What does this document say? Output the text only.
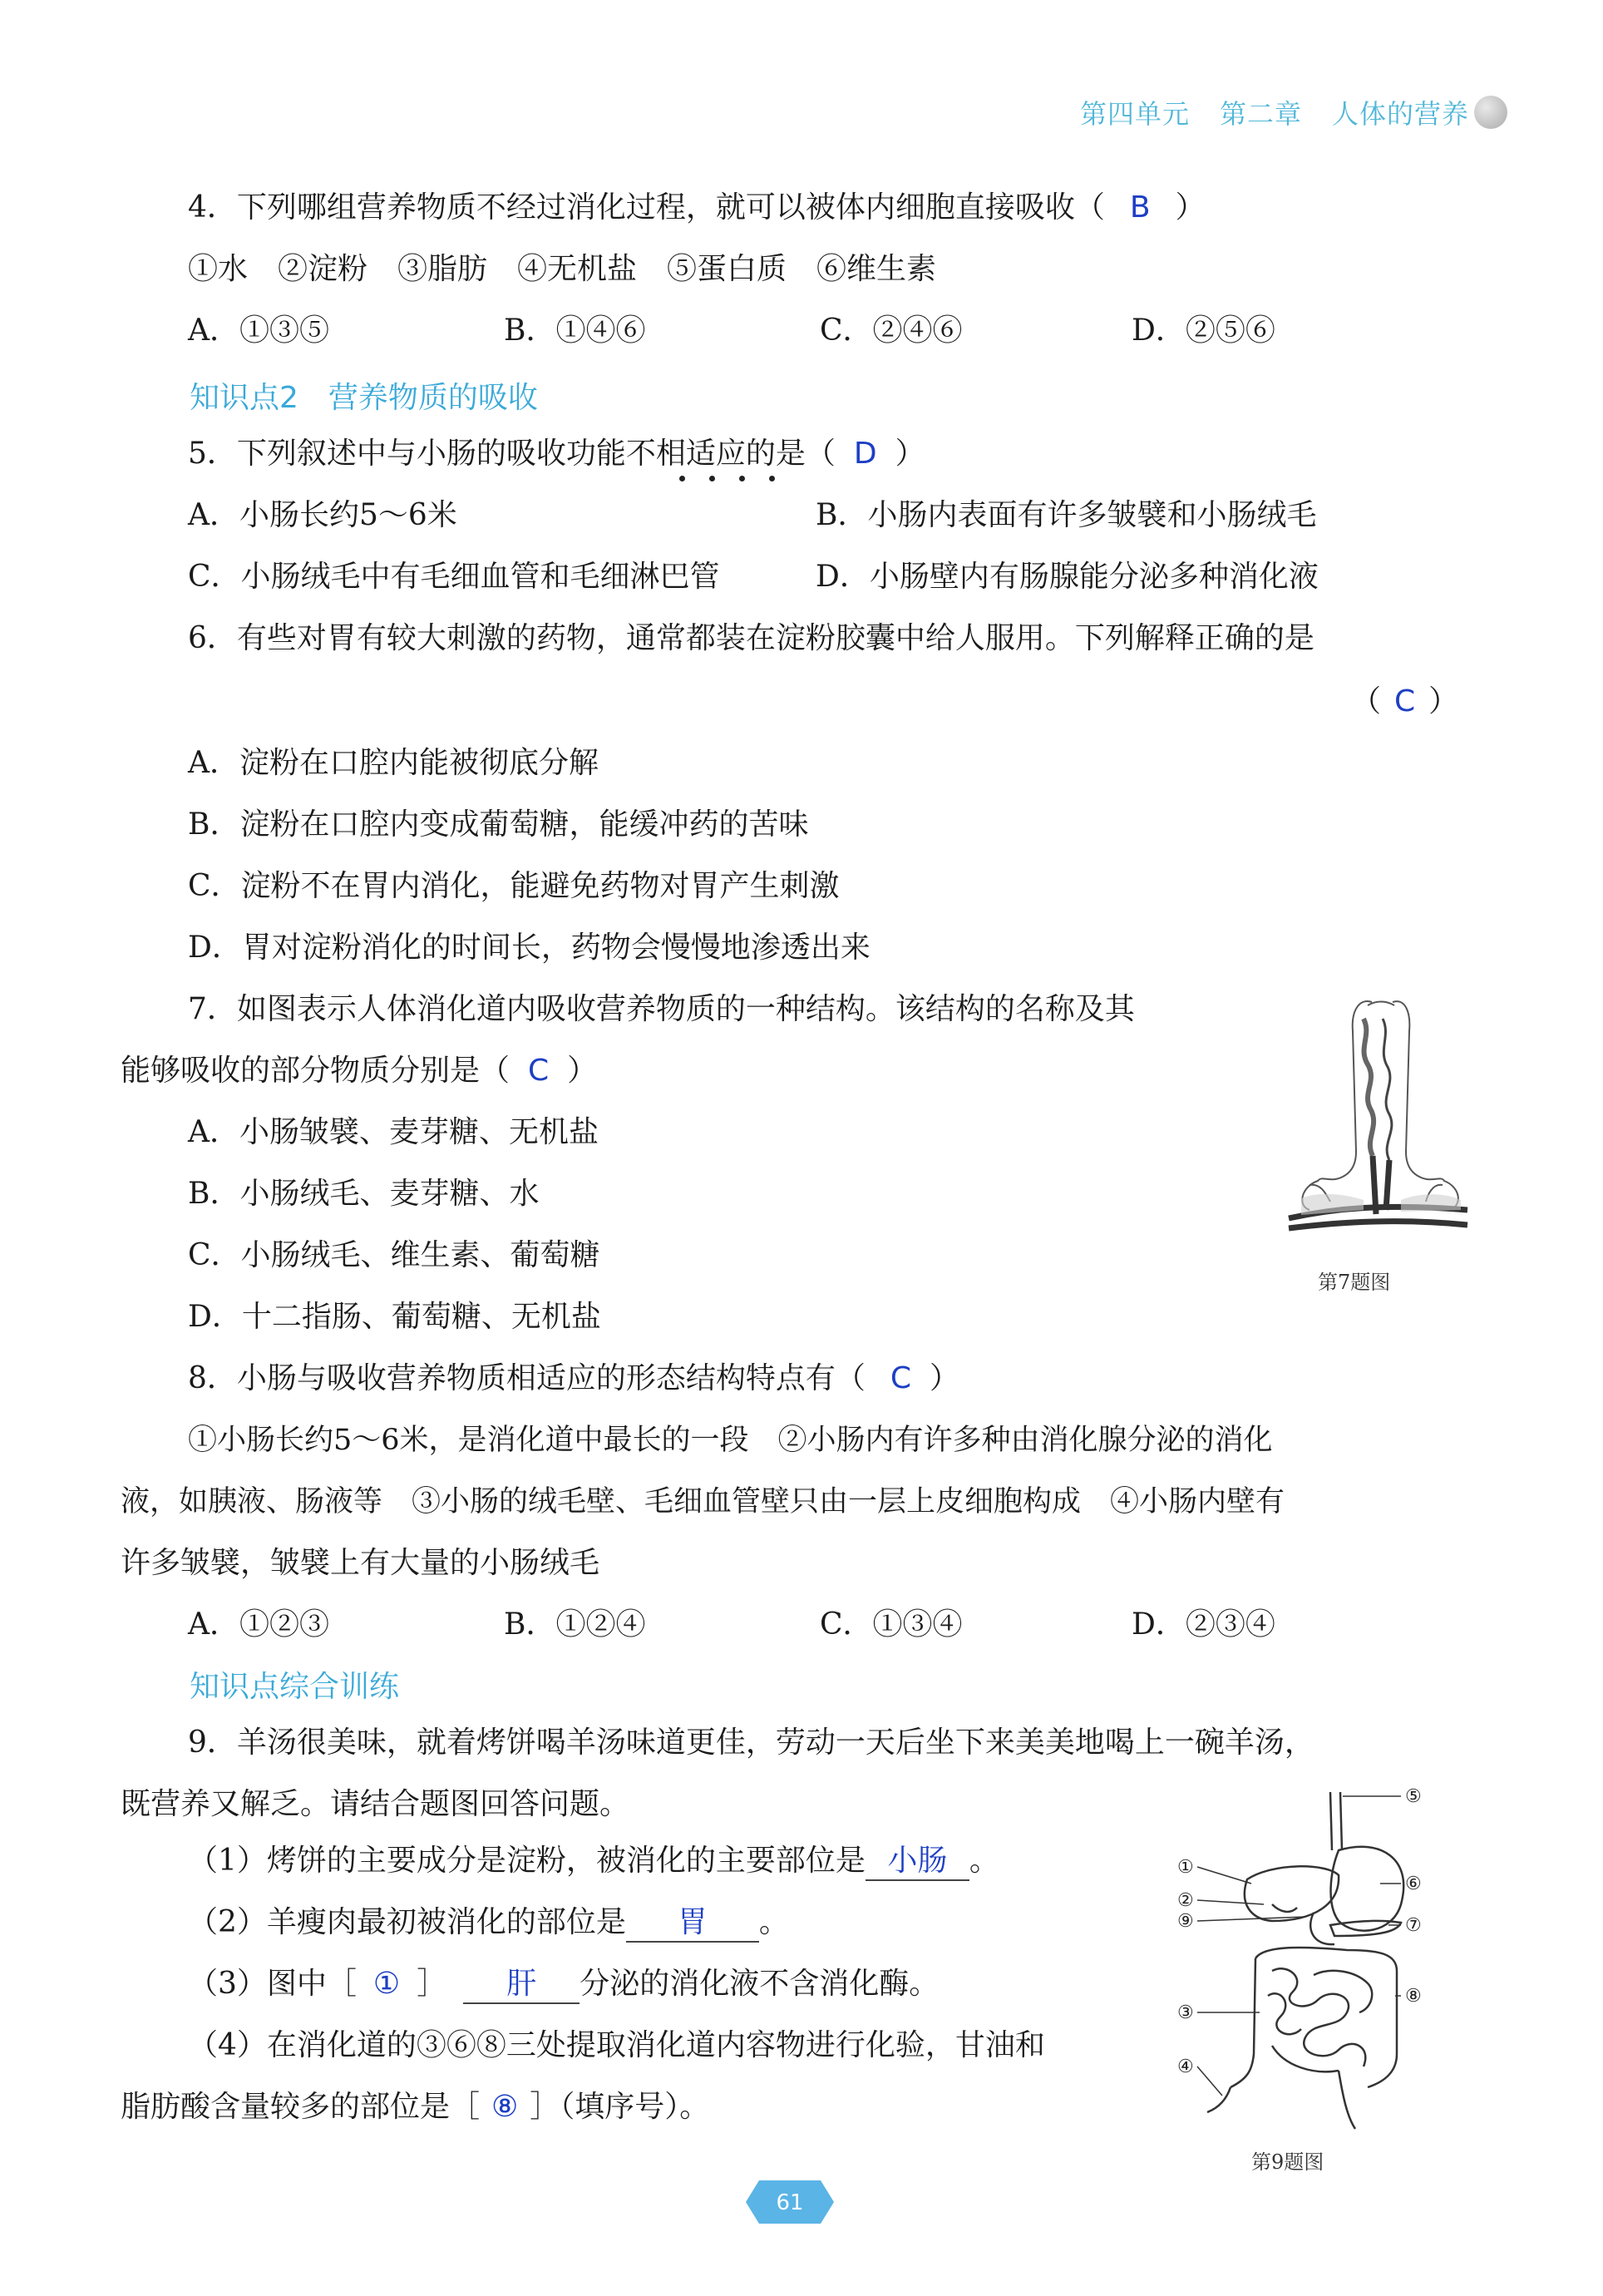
第四单元 第二章 人体的营养
4．下列哪组营养物质不经过消化过程，就可以被体内细胞直接吸收（ B ）
①水　②淀粉　③脂肪　④无机盐　⑤蛋白质　⑥维生素
A．①③⑤	B．①④⑥	C．②④⑥	D．②⑤⑥
知识点2　营养物质的吸收
5．下列叙述中与小肠的吸收功能不相适应的是（ D ）
A．小肠长约5～6米	B．小肠内表面有许多皱襞和小肠绒毛
C．小肠绒毛中有毛细血管和毛细淋巴管	D．小肠壁内有肠腺能分泌多种消化液
6．有些对胃有较大刺激的药物，通常都装在淀粉胶囊中给人服用。下列解释正确的是
（ C ）
A．淀粉在口腔内能被彻底分解
B．淀粉在口腔内变成葡萄糖，能缓冲药的苦味
C．淀粉不在胃内消化，能避免药物对胃产生刺激
D．胃对淀粉消化的时间长，药物会慢慢地渗透出来
7．如图表示人体消化道内吸收营养物质的一种结构。该结构的名称及其
能够吸收的部分物质分别是（ C ）
A．小肠皱襞、麦芽糖、无机盐
B．小肠绒毛、麦芽糖、水
C．小肠绒毛、维生素、葡萄糖
D．十二指肠、葡萄糖、无机盐
第7题图
8．小肠与吸收营养物质相适应的形态结构特点有（ C ）
①小肠长约5～6米，是消化道中最长的一段　②小肠内有许多种由消化腺分泌的消化
液，如胰液、肠液等　③小肠的绒毛壁、毛细血管壁只由一层上皮细胞构成　④小肠内壁有
许多皱襞，皱襞上有大量的小肠绒毛
A．①②③	B．①②④	C．①③④	D．②③④
知识点综合训练
9．羊汤很美味，就着烤饼喝羊汤味道更佳，劳动一天后坐下来美美地喝上一碗羊汤，
既营养又解乏。请结合题图回答问题。
（1）烤饼的主要成分是淀粉，被消化的主要部位是 小肠 。
（2）羊瘦肉最初被消化的部位是 胃 。
（3）图中［ ① ］ 肝 分泌的消化液不含消化酶。
（4）在消化道的③⑥⑧三处提取消化道内容物进行化验，甘油和
脂肪酸含量较多的部位是［ ⑧ ］（填序号）。
①
②
⑨
③
④
⑤
⑥
⑦
⑧
第9题图
61
